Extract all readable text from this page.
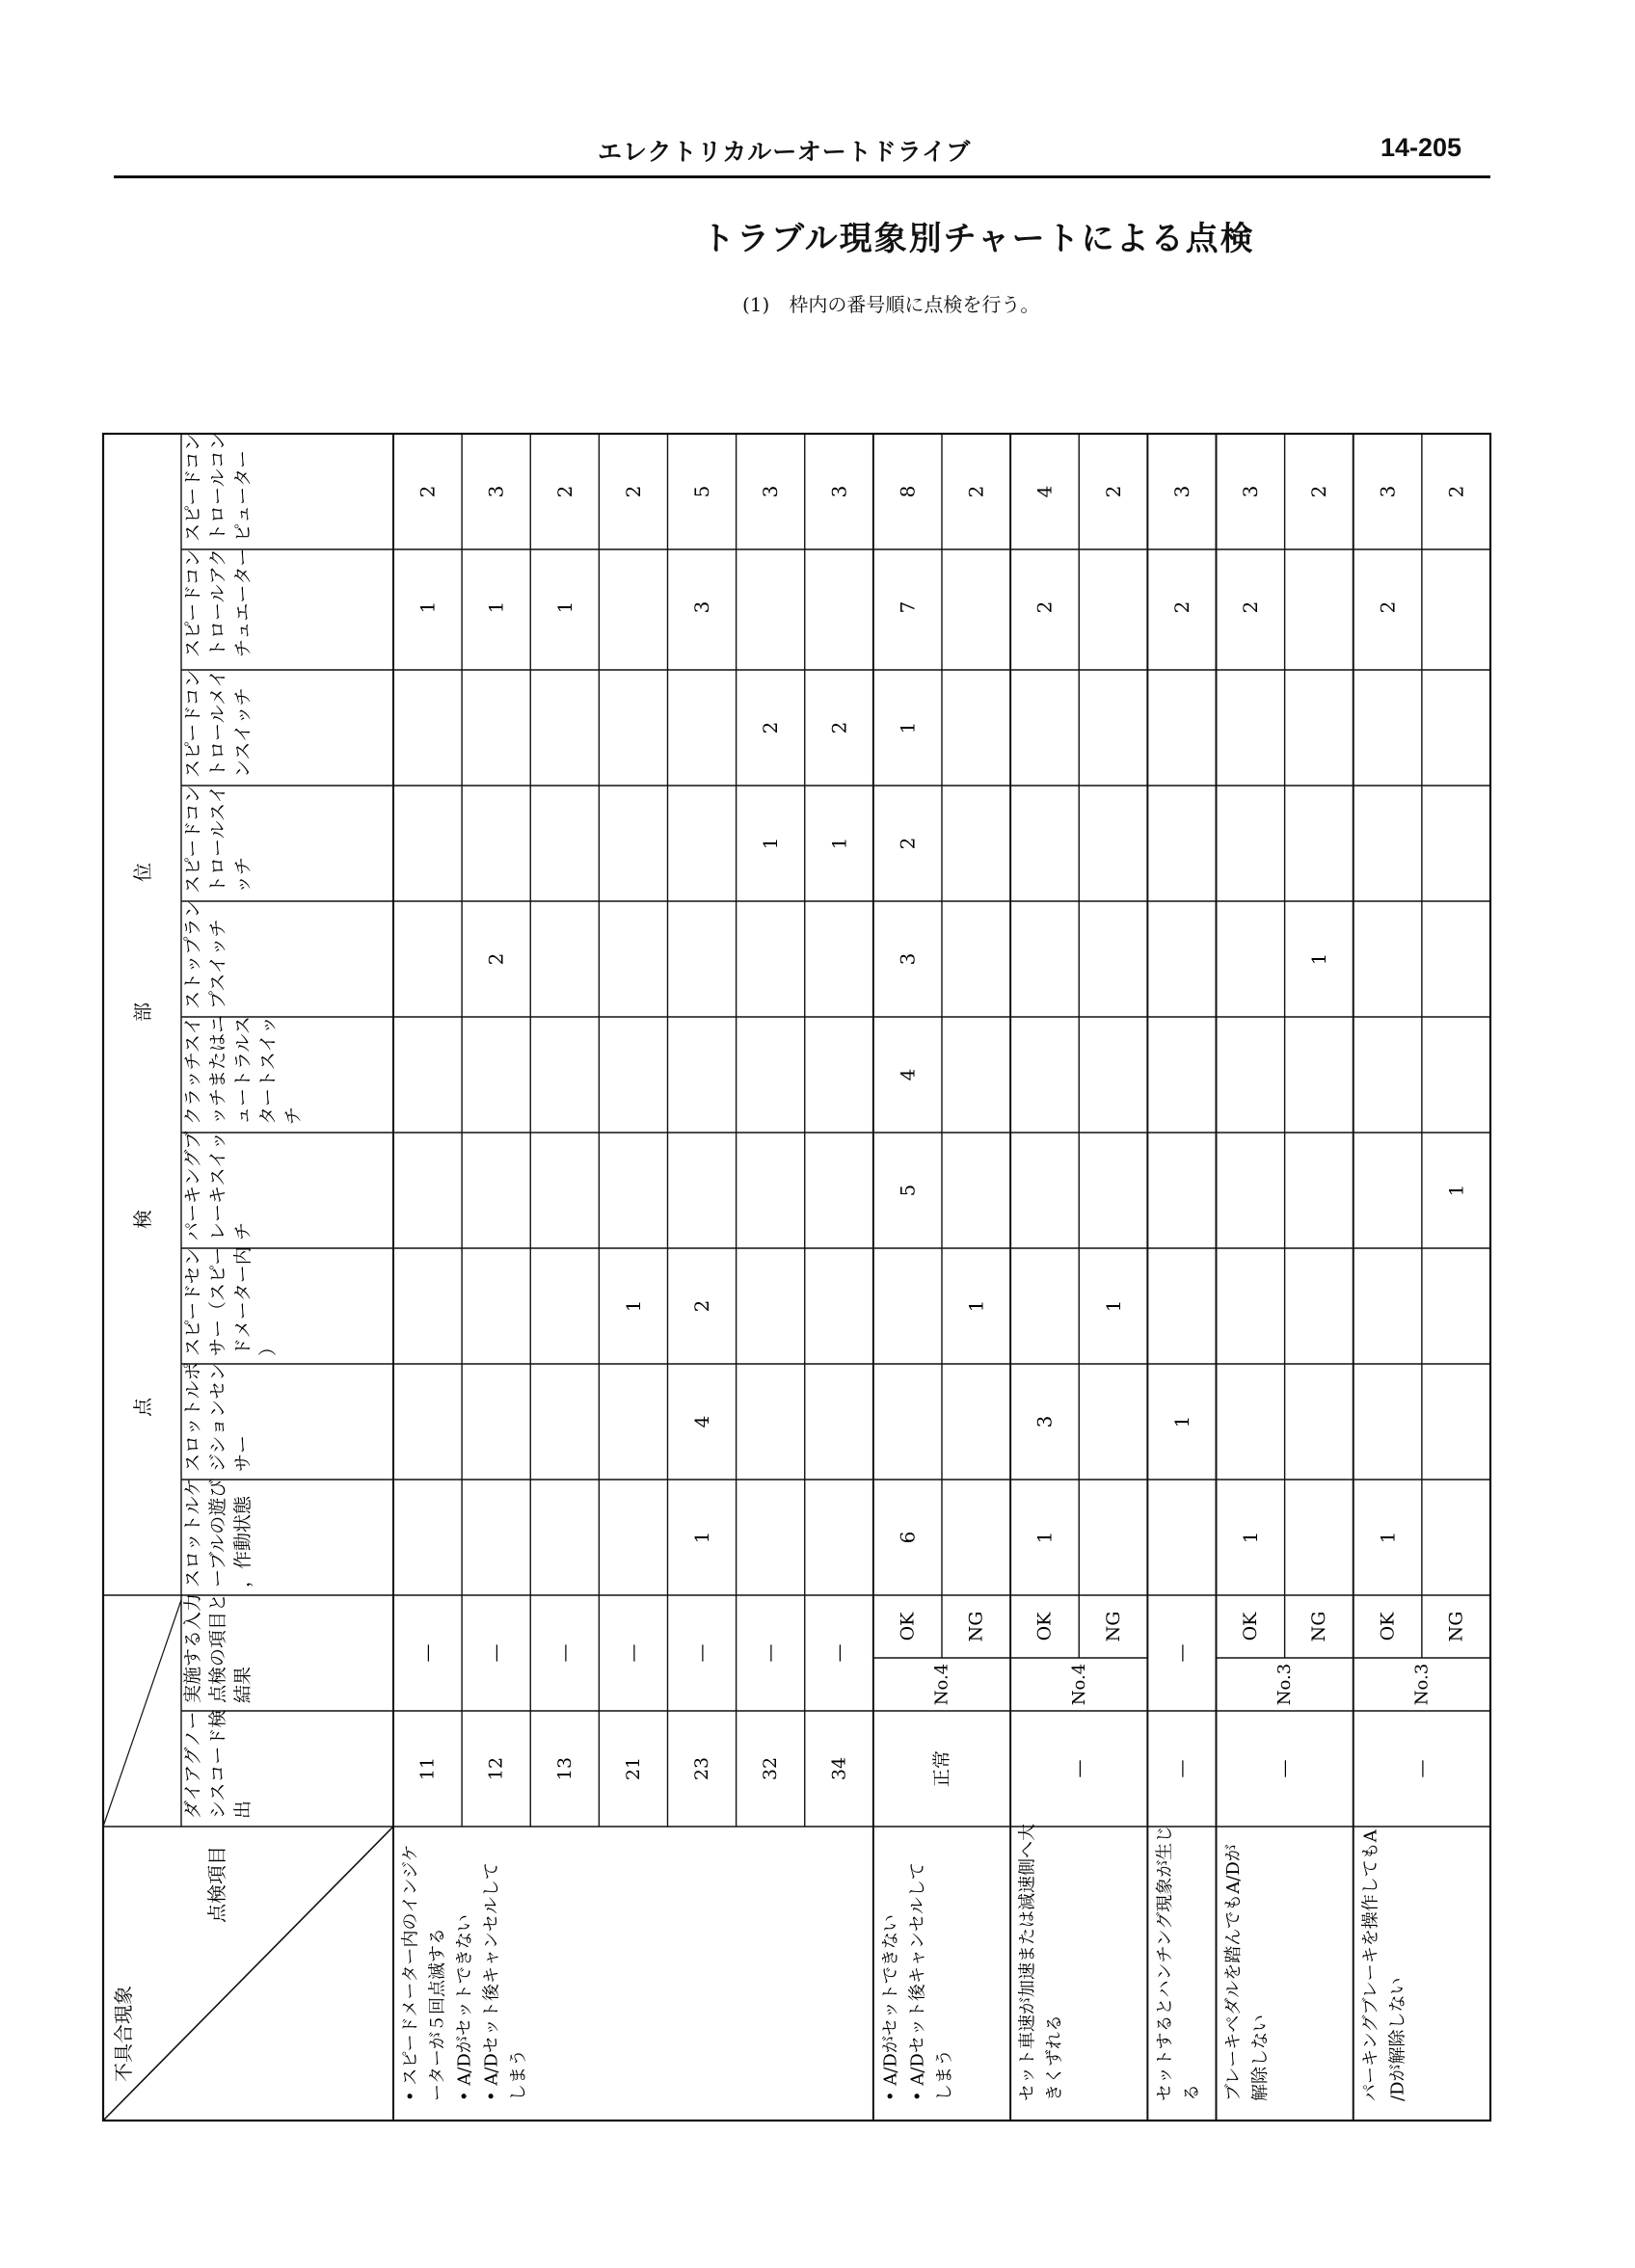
エレクトリカルーオートドライブ	14-205
トラブル現象別チャートによる点検
(1)　枠内の番号順に点検を行う。
不具合現象
点検項目
点
検
部
位
スピードコン トロールコン ピューター
スピードコン トロールアク チュエーター
スピードコン トロールメイ ンスイッチ
スピードコン トロールスイ ッチ
ストップラン プスイッチ
クラッチスイ ッチまたはニ ュートラルス タートスイッ チ
パーキングブ レーキスイッ チ
スピードセン サー（スピー ドメーター内 ）
スロットルポ ジションセン サー
スロットルケ ーブルの遊び ，作動状態
実施する入力 点検の項目と 結果
ダイアグノー シスコード検 出
2
1
—
11
3
1
2
—
12
2
1
—
13
2
1
—
21
5
3
2
4
1
—
23
3
2
1
—
32
3
2
1
—
34
8
7
1
2
3
4
5
6
OK
2
1
NG
4
2
3
1
OK
2
1
NG
3
2
1
—
3
2
1
OK
2
1
NG
3
2
1
OK
2
1
NG
• スピードメーター内のインジケ ーターが５回点滅する • A/Dがセットできない • A/Dセット後キャンセルして しまう
No.4
正常
• A/Dがセットできない • A/Dセット後キャンセルして しまう
No.4
—
セット車速が加速または減速側へ大 きくずれる
—
セットするとハンチング現象が生じ る
No.3
—
ブレーキペダルを踏んでもA/Dが 解除しない
No.3
—
パーキングブレーキを操作してもA /Dが解除しない
